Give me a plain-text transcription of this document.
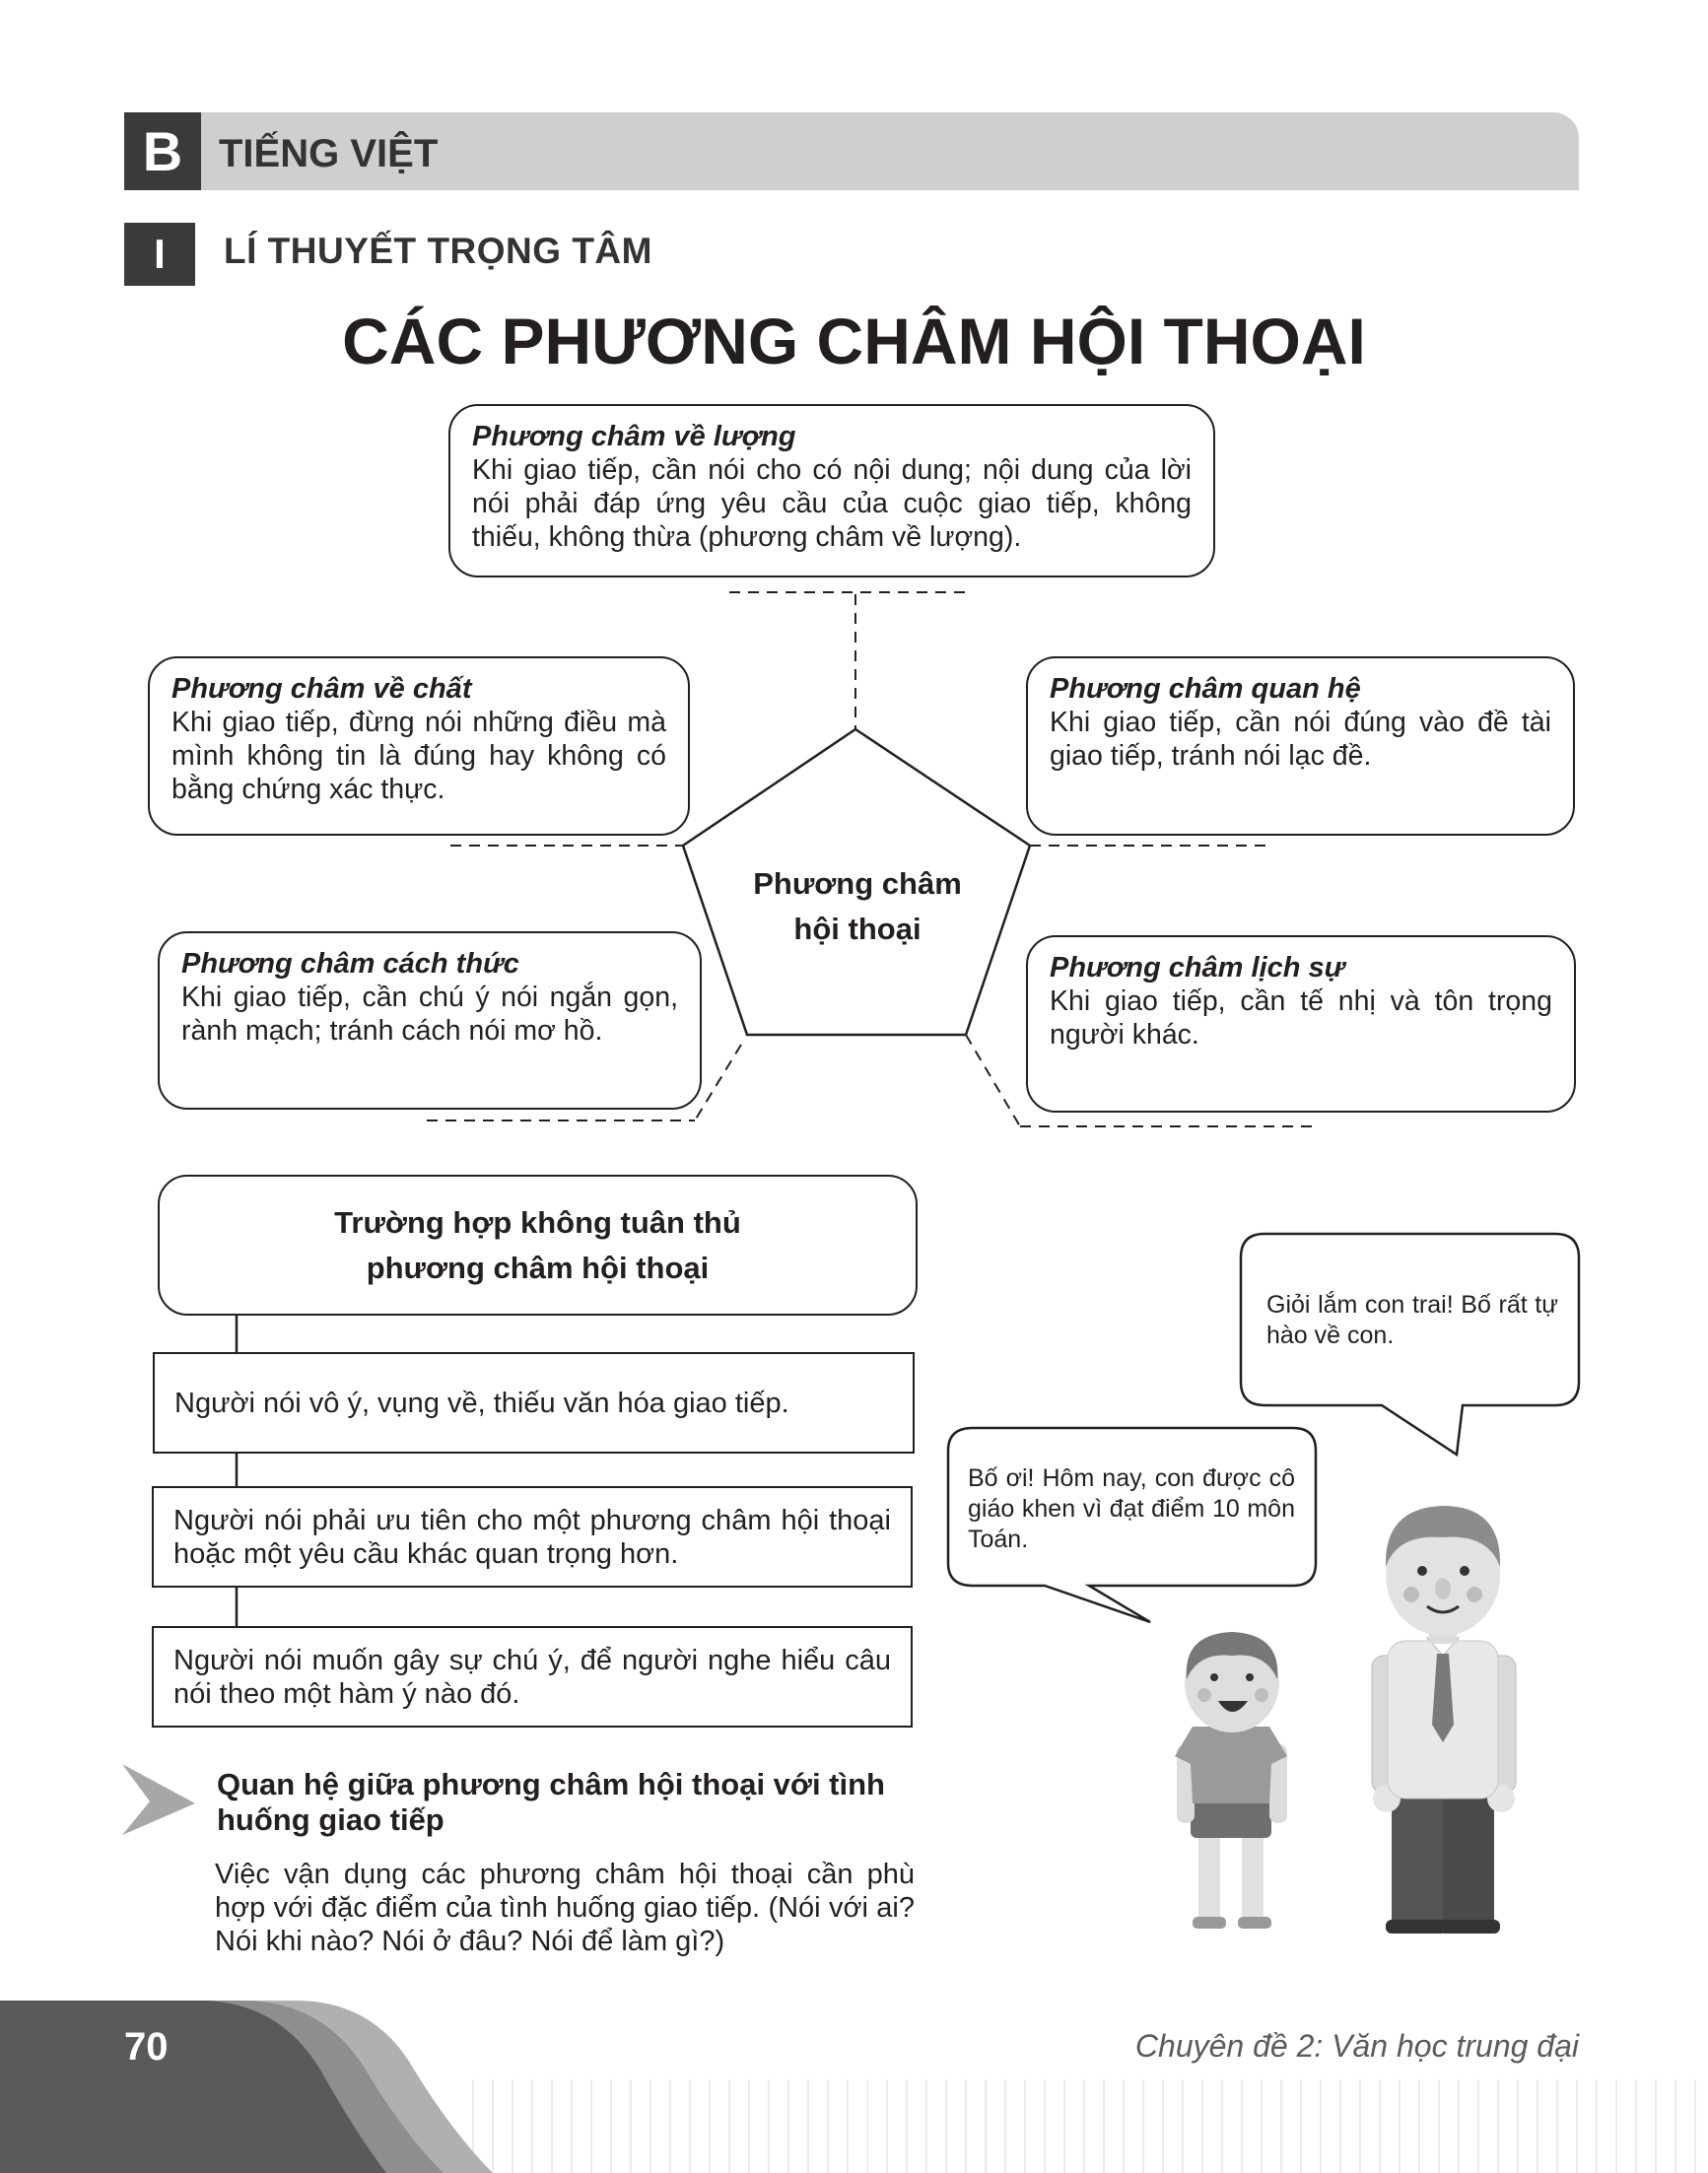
B TIẾNG VIỆT
I	LÍ THUYẾT TRỌNG TÂM
CÁC PHƯƠNG CHÂM HỘI THOẠI
Phương châm về lượng
Khi giao tiếp, cần nói cho có nội dung; nội dung của lời nói phải đáp ứng yêu cầu của cuộc giao tiếp, không thiếu, không thừa (phương châm về lượng).
Phương châm về chất
Khi giao tiếp, đừng nói những điều mà mình không tin là đúng hay không có bằng chứng xác thực.
Phương châm quan hệ
Khi giao tiếp, cần nói đúng vào đề tài giao tiếp, tránh nói lạc đề.
Phương châm cách thức
Khi giao tiếp, cần chú ý nói ngắn gọn, rành mạch; tránh cách nói mơ hồ.
Phương châm lịch sự
Khi giao tiếp, cần tế nhị và tôn trọng người khác.
Phương châm
hội thoại
Trường hợp không tuân thủ
phương châm hội thoại
Người nói vô ý, vụng về, thiếu văn hóa giao tiếp.
Người nói phải ưu tiên cho một phương châm hội thoại hoặc một yêu cầu khác quan trọng hơn.
Người nói muốn gây sự chú ý, để người nghe hiểu câu nói theo một hàm ý nào đó.
Quan hệ giữa phương châm hội thoại với tình huống giao tiếp
Việc vận dụng các phương châm hội thoại cần phù hợp với đặc điểm của tình huống giao tiếp. (Nói với ai? Nói khi nào? Nói ở đâu? Nói để làm gì?)
Giỏi lắm con trai! Bố rất tự hào về con.
Bố ơi! Hôm nay, con được cô giáo khen vì đạt điểm 10 môn Toán.
70	Chuyên đề 2: Văn học trung đại
